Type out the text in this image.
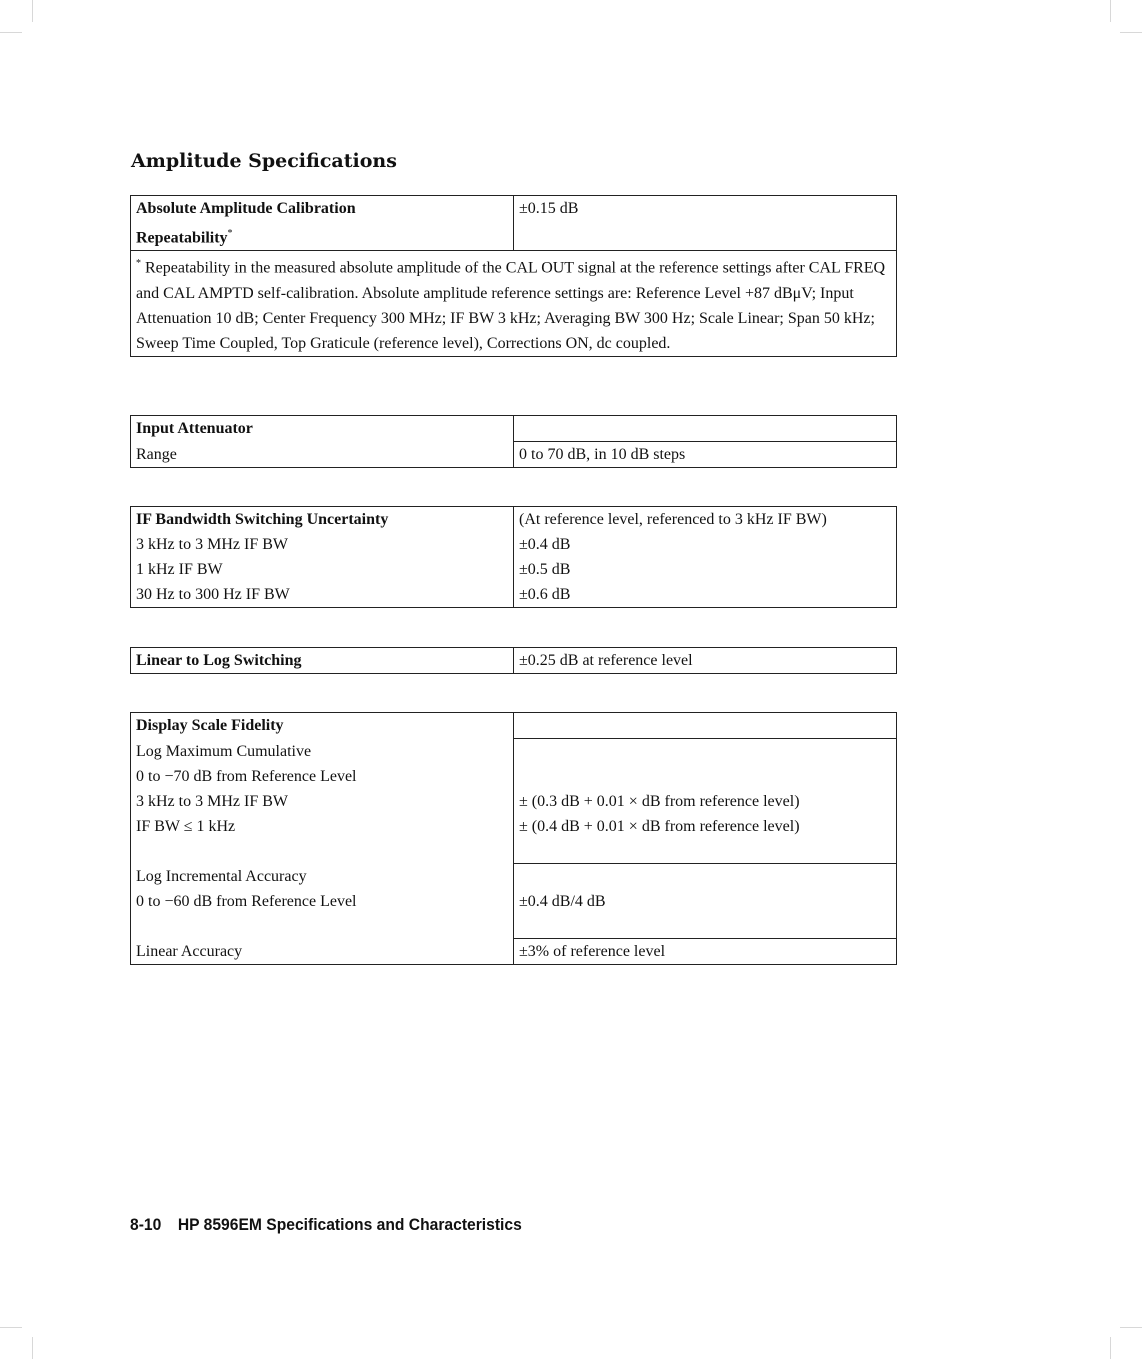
Amplitude Specifications
Absolute Amplitude Calibration
Repeatability*	±0.15 dB
* Repeatability in the measured absolute amplitude of the CAL OUT signal at the reference settings after CAL FREQ and CAL AMPTD self-calibration. Absolute amplitude reference settings are: Reference Level +87 dBμV; Input Attenuation 10 dB; Center Frequency 300 MHz; IF BW 3 kHz; Averaging BW 300 Hz; Scale Linear; Span 50 kHz; Sweep Time Coupled, Top Graticule (reference level), Corrections ON, dc coupled.
Input Attenuator	
Range	0 to 70 dB, in 10 dB steps
IF Bandwidth Switching Uncertainty	(At reference level, referenced to 3 kHz IF BW)
3 kHz to 3 MHz IF BW	±0.4 dB
1 kHz IF BW	±0.5 dB
30 Hz to 300 Hz IF BW	±0.6 dB
Linear to Log Switching	±0.25 dB at reference level
Display Scale Fidelity	
Log Maximum Cumulative	
0 to −70 dB from Reference Level	
3 kHz to 3 MHz IF BW	± (0.3 dB + 0.01 × dB from reference level)
IF BW ≤ 1 kHz	± (0.4 dB + 0.01 × dB from reference level)

Log Incremental Accuracy	
0 to −60 dB from Reference Level	±0.4 dB/4 dB

Linear Accuracy	±3% of reference level
8-10 HP 8596EM Specifications and Characteristics
